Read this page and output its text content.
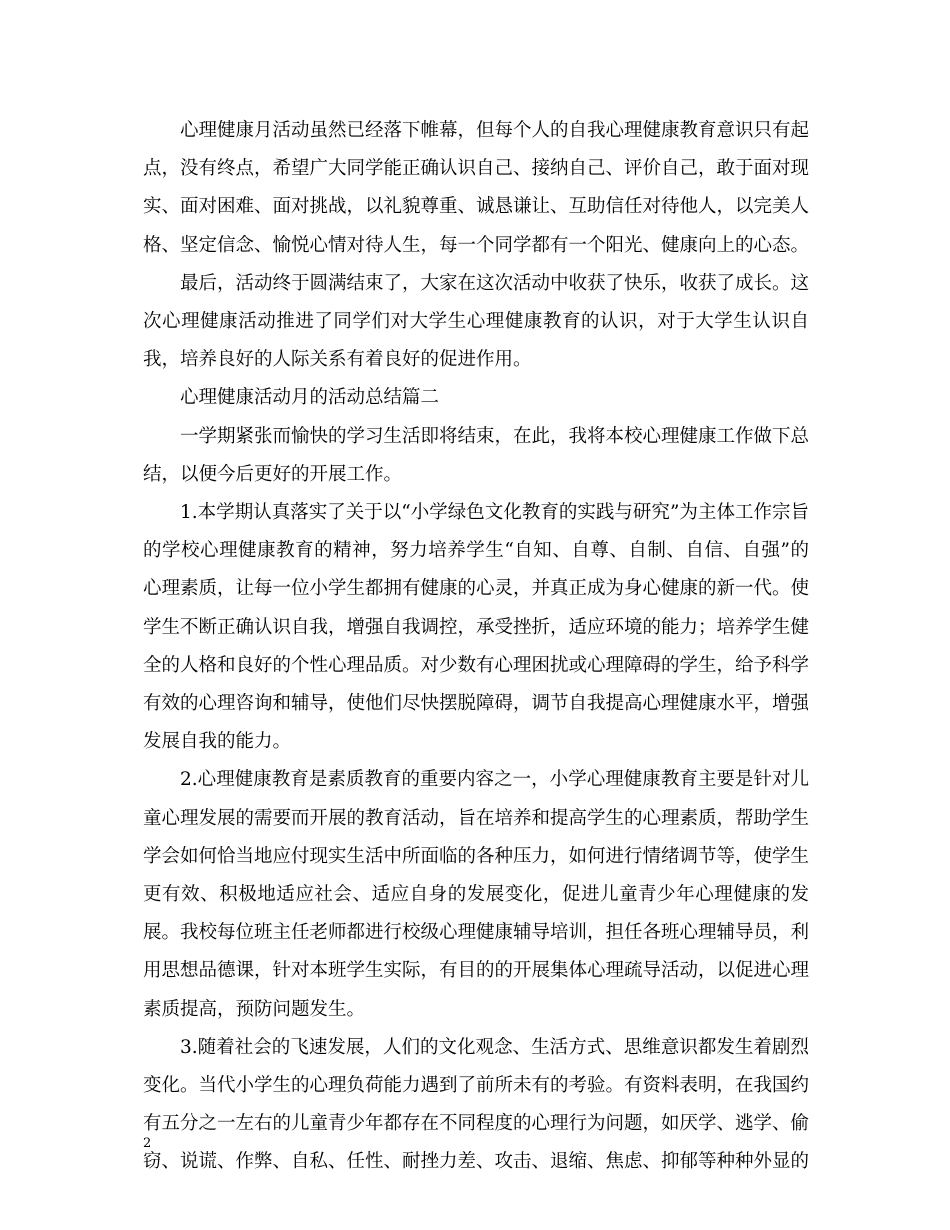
心理健康月活动虽然已经落下帷幕，但每个人的自我心理健康教育意识只有起点，没有终点，希望广大同学能正确认识自己、接纳自己、评价自己，敢于面对现实、面对困难、面对挑战，以礼貌尊重、诚恳谦让、互助信任对待他人，以完美人格、坚定信念、愉悦心情对待人生，每一个同学都有一个阳光、健康向上的心态。

最后，活动终于圆满结束了，大家在这次活动中收获了快乐，收获了成长。这次心理健康活动推进了同学们对大学生心理健康教育的认识，对于大学生认识自我，培养良好的人际关系有着良好的促进作用。

心理健康活动月的活动总结篇二

一学期紧张而愉快的学习生活即将结束，在此，我将本校心理健康工作做下总结，以便今后更好的开展工作。

1.本学期认真落实了关于以“小学绿色文化教育的实践与研究”为主体工作宗旨的学校心理健康教育的精神，努力培养学生“自知、自尊、自制、自信、自强”的心理素质，让每一位小学生都拥有健康的心灵，并真正成为身心健康的新一代。使学生不断正确认识自我，增强自我调控，承受挫折，适应环境的能力；培养学生健全的人格和良好的个性心理品质。对少数有心理困扰或心理障碍的学生，给予科学有效的心理咨询和辅导，使他们尽快摆脱障碍，调节自我提高心理健康水平，增强发展自我的能力。

2.心理健康教育是素质教育的重要内容之一，小学心理健康教育主要是针对儿童心理发展的需要而开展的教育活动，旨在培养和提高学生的心理素质，帮助学生学会如何恰当地应付现实生活中所面临的各种压力，如何进行情绪调节等，使学生更有效、积极地适应社会、适应自身的发展变化，促进儿童青少年心理健康的发展。我校每位班主任老师都进行校级心理健康辅导培训，担任各班心理辅导员，利用思想品德课，针对本班学生实际，有目的的开展集体心理疏导活动，以促进心理素质提高，预防问题发生。

3.随着社会的飞速发展，人们的文化观念、生活方式、思维意识都发生着剧烈变化。当代小学生的心理负荷能力遇到了前所未有的考验。有资料表明，在我国约有五分之一左右的儿童青少年都存在不同程度的心理行为问题，如厌学、逃学、偷窃、说谎、作弊、自私、任性、耐挫力差、攻击、退缩、焦虑、抑郁等种种外显的

2
